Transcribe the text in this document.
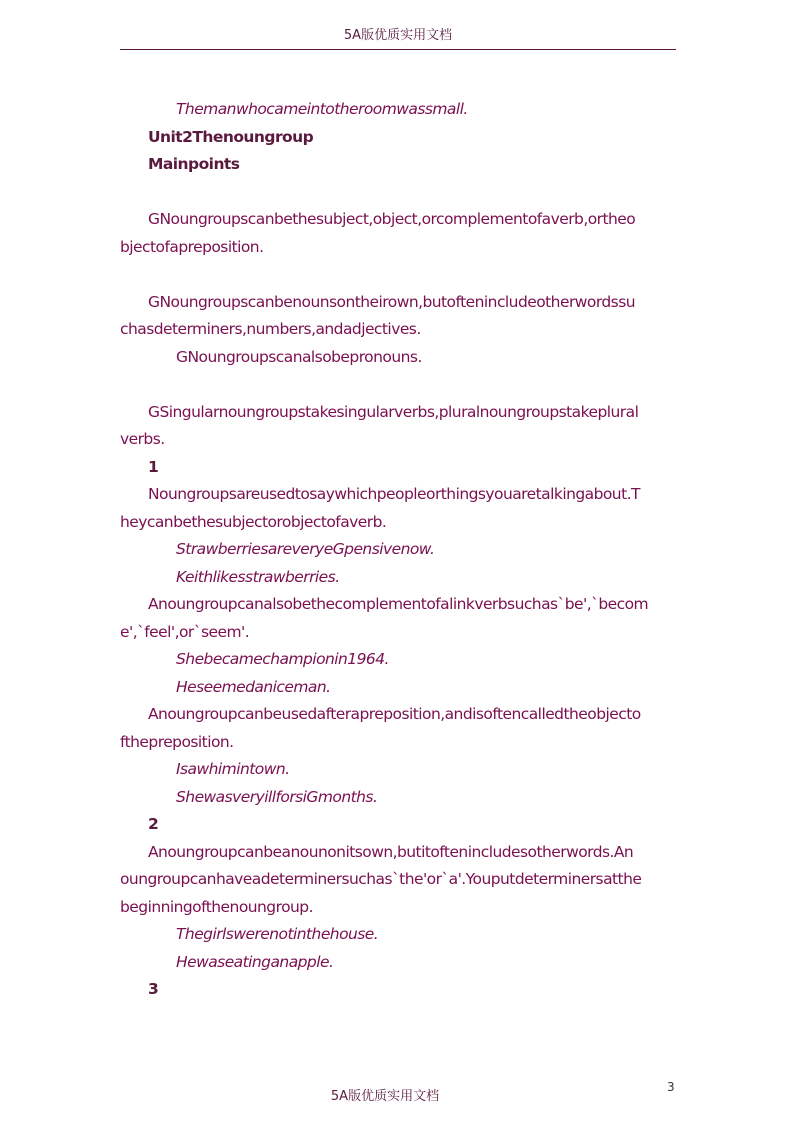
5A版优质实用文档
Themanwhocameintotheroomwassmall.
Unit2Thenoungroup
Mainpoints
GNoungroupscanbethesubject,object,orcomplementofaverb,ortheo
bjectofapreposition.
GNoungroupscanbenounsontheirown,butoftenincludeotherwordssu
chasdeterminers,numbers,andadjectives.
GNoungroupscanalsobepronouns.
GSingularnoungroupstakesingularverbs,pluralnoungroupstakeplural
verbs.
1
Noungroupsareusedtosaywhichpeopleorthingsyouaretalkingabout.T
heycanbethesubjectorobjectofaverb.
StrawberriesareveryeGpensivenow.
Keithlikesstrawberries.
Anoungroupcanalsobethecomplementofalinkverbsuchas`be',`becom
e',`feel',or`seem'.
Shebecamechampionin1964.
Heseemedaniceman.
Anoungroupcanbeusedafterapreposition,andisoftencalledtheobjecto
fthepreposition.
Isawhimintown.
ShewasveryillforsiGmonths.
2
Anoungroupcanbeanounonitsown,butitoftenincludesotherwords.An
oungroupcanhaveadeterminersuchas`the'or`a'.Youputdeterminersatthe
beginningofthenoungroup.
Thegirlswerenotinthehouse.
Hewaseatinganapple.
3
3
5A版优质实用文档
